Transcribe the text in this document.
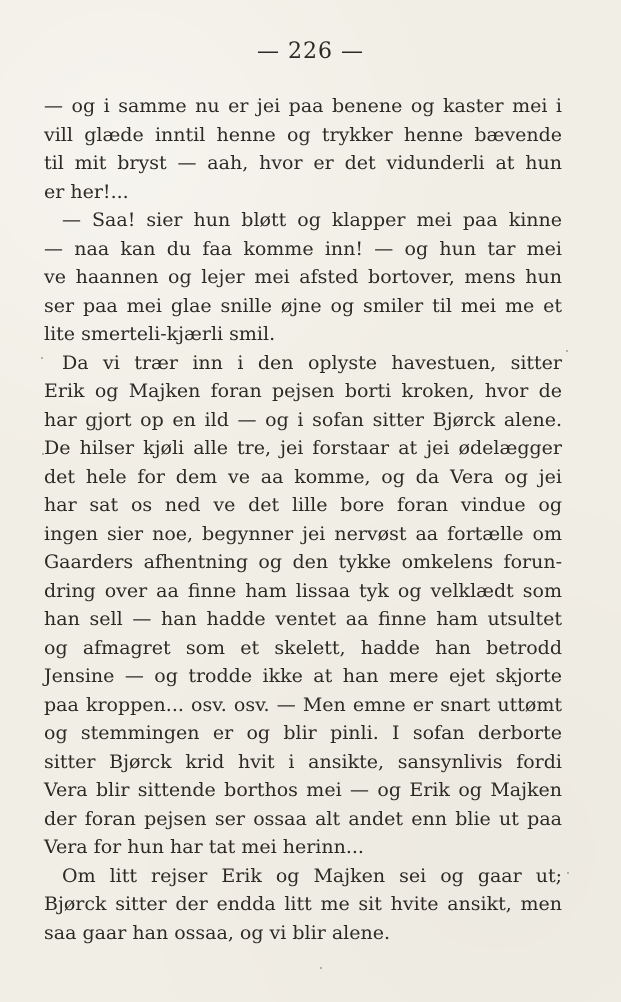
— 226 —
— og i samme nu er jei paa benene og kaster mei i
vill glæde inntil henne og trykker henne bævende
til mit bryst — aah, hvor er det vidunderli at hun
er her!...
— Saa! sier hun bløtt og klapper mei paa kinne
— naa kan du faa komme inn! — og hun tar mei
ve haannen og lejer mei afsted bortover, mens hun
ser paa mei glae snille øjne og smiler til mei me et
lite smerteli-kjærli smil.
Da vi trær inn i den oplyste havestuen, sitter
Erik og Majken foran pejsen borti kroken, hvor de
har gjort op en ild — og i sofan sitter Bjørck alene.
De hilser kjøli alle tre, jei forstaar at jei ødelægger
det hele for dem ve aa komme, og da Vera og jei
har sat os ned ve det lille bore foran vindue og
ingen sier noe, begynner jei nervøst aa fortælle om
Gaarders afhentning og den tykke omkelens forun-
dring over aa finne ham lissaa tyk og velklædt som
han sell — han hadde ventet aa finne ham utsultet
og afmagret som et skelett, hadde han betrodd
Jensine — og trodde ikke at han mere ejet skjorte
paa kroppen... osv. osv. — Men emne er snart uttømt
og stemmingen er og blir pinli. I sofan derborte
sitter Bjørck krid hvit i ansikte, sansynlivis fordi
Vera blir sittende borthos mei — og Erik og Majken
der foran pejsen ser ossaa alt andet enn blie ut paa
Vera for hun har tat mei herinn...
Om litt rejser Erik og Majken sei og gaar ut;
Bjørck sitter der endda litt me sit hvite ansikt, men
saa gaar han ossaa, og vi blir alene.
